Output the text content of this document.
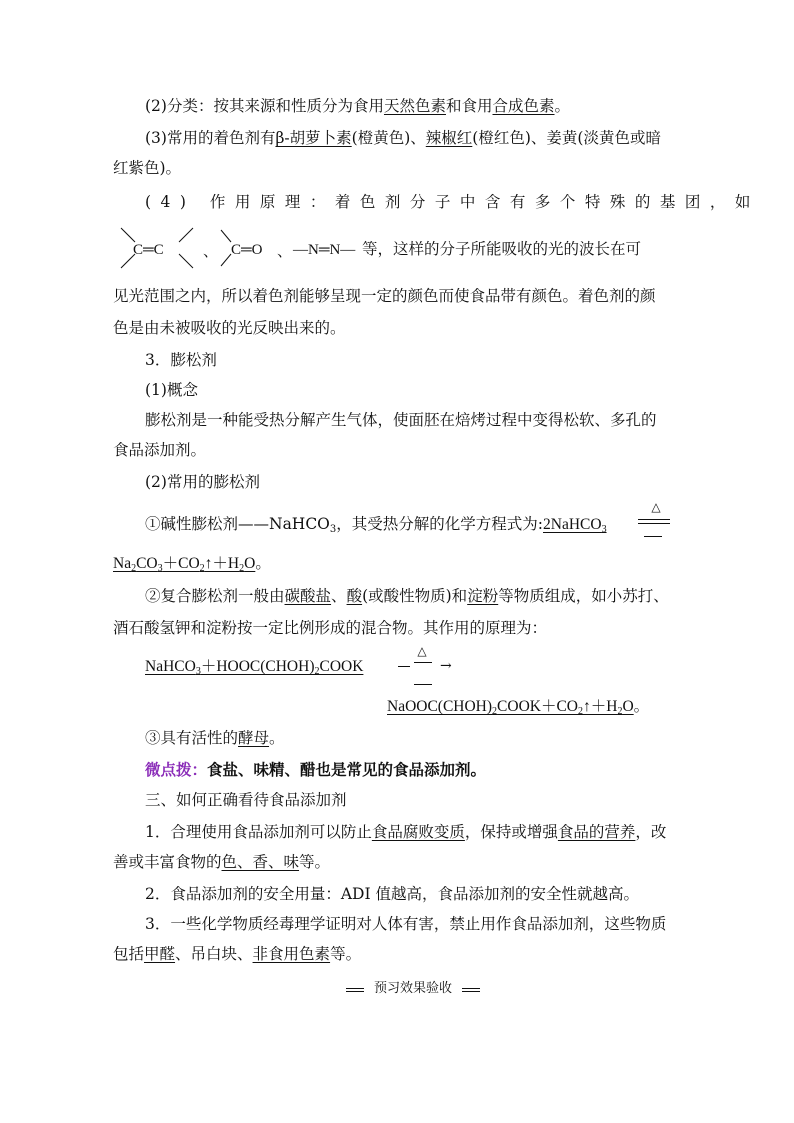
(2)分类：按其来源和性质分为食用天然色素和食用合成色素。
(3)常用的着色剂有β-胡萝卜素(橙黄色)、辣椒红(橙红色)、姜黄(淡黄色或暗
红紫色)。
(4) 作用原理：着色剂分子中含有多个特殊的基团，如
C═C	、 C═O 、 —N═N— 等，这样的分子所能吸收的光的波长在可
见光范围之内，所以着色剂能够呈现一定的颜色而使食品带有颜色。着色剂的颜
色是由未被吸收的光反映出来的。
3．膨松剂
(1)概念
膨松剂是一种能受热分解产生气体，使面胚在焙烤过程中变得松软、多孔的
食品添加剂。
(2)常用的膨松剂
①碱性膨松剂——NaHCO$_3$，其受热分解的化学方程式为:2NaHCO$_3$
△
$Na_2CO_3+CO_2↑+H_2O$。
②复合膨松剂一般由碳酸盐、酸(或酸性物质)和淀粉等物质组成，如小苏打、
酒石酸氢钾和淀粉按一定比例形成的混合物。其作用的原理为：
$NaHCO_3+HOOC(CHOH)_2COOK$
△
→
$NaOOC(CHOH)_2COOK+CO_2↑+H_2O$。
③具有活性的酵母。
微点拨：食盐、味精、醋也是常见的食品添加剂。
三、如何正确看待食品添加剂
1．合理使用食品添加剂可以防止食品腐败变质，保持或增强食品的营养，改
善或丰富食物的色、香、味等。
2．食品添加剂的安全用量：ADI 值越高，食品添加剂的安全性就越高。
3．一些化学物质经毒理学证明对人体有害，禁止用作食品添加剂，这些物质
包括甲醛、吊白块、非食用色素等。
预习效果验收
